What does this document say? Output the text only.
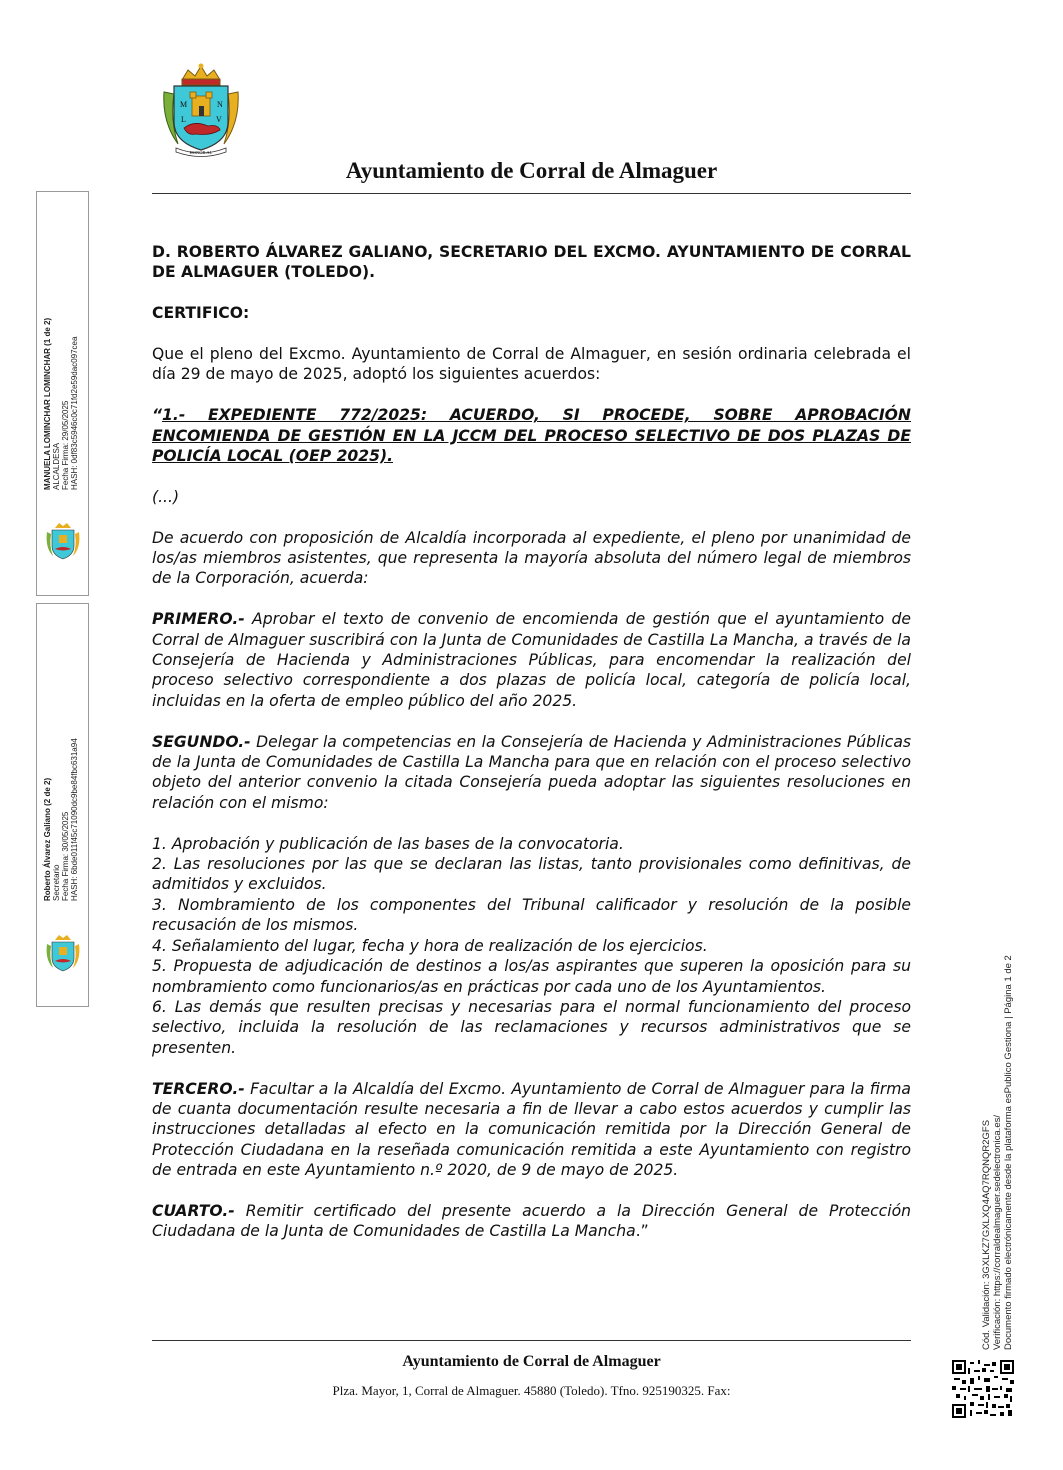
M	N
L	V
HONOR AL
Ayuntamiento de Corral de Almaguer
MANUELA LOMINCHAR LOMINCHAR (1 de 2) ALCALDESA Fecha Firma: 29/05/2025 HASH: 0df83c5946c0c71fd2e59dac097cea
Roberto Álvarez Galiano (2 de 2) Secretario Fecha Firma: 30/05/2025 HASH: 6bde011f45c71090dc9be84fbc631a94

D. ROBERTO ÁLVAREZ GALIANO, SECRETARIO DEL EXCMO. AYUNTAMIENTO DE CORRAL DE ALMAGUER (TOLEDO).

CERTIFICO:

Que el pleno del Excmo. Ayuntamiento de Corral de Almaguer, en sesión ordinaria celebrada el día 29 de mayo de 2025, adoptó los siguientes acuerdos:

“1.- EXPEDIENTE 772/2025: ACUERDO, SI PROCEDE, SOBRE APROBACIÓN ENCOMIENDA DE GESTIÓN EN LA JCCM DEL PROCESO SELECTIVO DE DOS PLAZAS DE POLICÍA LOCAL (OEP 2025).

(...)

De acuerdo con proposición de Alcaldía incorporada al expediente, el pleno por unanimidad de los/as miembros asistentes, que representa la mayoría absoluta del número legal de miembros de la Corporación, acuerda:

PRIMERO.- Aprobar el texto de convenio de encomienda de gestión que el ayuntamiento de Corral de Almaguer suscribirá con la Junta de Comunidades de Castilla La Mancha, a través de la Consejería de Hacienda y Administraciones Públicas, para encomendar la realización del proceso selectivo correspondiente a dos plazas de policía local, categoría de policía local, incluidas en la oferta de empleo público del año 2025.

SEGUNDO.- Delegar la competencias en la Consejería de Hacienda y Administraciones Públicas de la Junta de Comunidades de Castilla La Mancha para que en relación con el proceso selectivo objeto del anterior convenio la citada Consejería pueda adoptar las siguientes resoluciones en relación con el mismo:

1. Aprobación y publicación de las bases de la convocatoria.

2. Las resoluciones por las que se declaran las listas, tanto provisionales como definitivas, de admitidos y excluidos.

3. Nombramiento de los componentes del Tribunal calificador y resolución de la posible recusación de los mismos.

4. Señalamiento del lugar, fecha y hora de realización de los ejercicios.

5. Propuesta de adjudicación de destinos a los/as aspirantes que superen la oposición para su nombramiento como funcionarios/as en prácticas por cada uno de los Ayuntamientos.

6. Las demás que resulten precisas y necesarias para el normal funcionamiento del proceso selectivo, incluida la resolución de las reclamaciones y recursos administrativos que se presenten.

TERCERO.- Facultar a la Alcaldía del Excmo. Ayuntamiento de Corral de Almaguer para la firma de cuanta documentación resulte necesaria a fin de llevar a cabo estos acuerdos y cumplir las instrucciones detalladas al efecto en la comunicación remitida por la Dirección General de Protección Ciudadana en la reseñada comunicación remitida a este Ayuntamiento con registro de entrada en este Ayuntamiento n.º 2020, de 9 de mayo de 2025.

CUARTO.- Remitir certificado del presente acuerdo a la Dirección General de Protección Ciudadana de la Junta de Comunidades de Castilla La Mancha.”

Ayuntamiento de Corral de Almaguer
Plza. Mayor, 1, Corral de Almaguer. 45880 (Toledo). Tfno. 925190325. Fax:
Cód. Validación: 3GXLKZ7GXLXQ4AQ7RQNQR2GFS Verificación: https://corraldealmaguer.sedelectronica.es/ Documento firmado electrónicamente desde la plataforma esPublico Gestiona | Página 1 de 2
